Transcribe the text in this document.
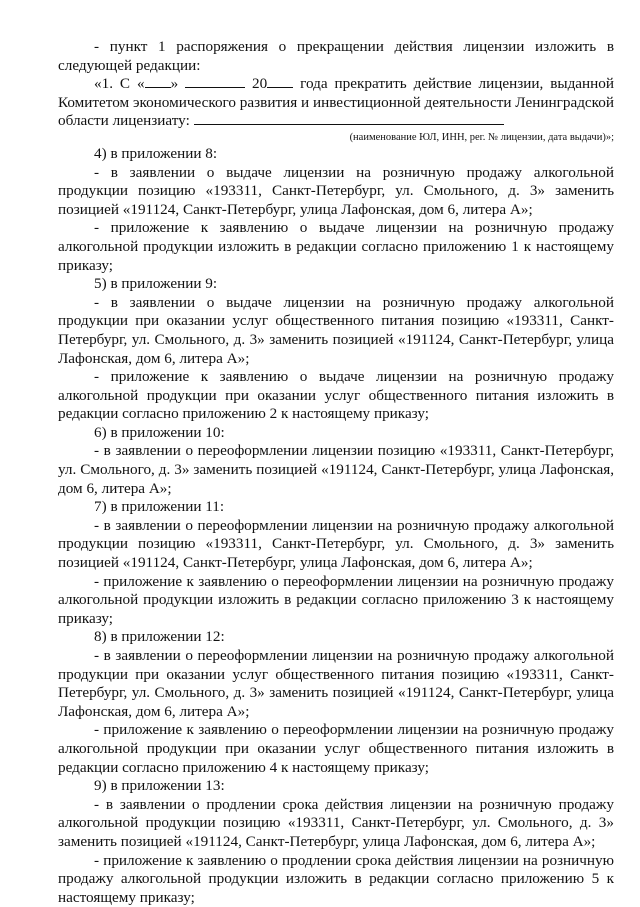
- пункт 1 распоряжения о прекращении действия лицензии изложить в следующей редакции:

«1. С « »	20 года прекратить действие лицензии, выданной Комитетом экономического развития и инвестиционной деятельности Ленинградской области лицензиату:

(наименование ЮЛ, ИНН, рег. № лицензии, дата выдачи)»;

4) в приложении 8:

- в заявлении о выдаче лицензии на розничную продажу алкогольной продукции позицию «193311, Санкт-Петербург, ул. Смольного, д. 3» заменить позицией «191124, Санкт-Петербург, улица Лафонская, дом 6, литера А»;

- приложение к заявлению о выдаче лицензии на розничную продажу алкогольной продукции изложить в редакции согласно приложению 1 к настоящему приказу;

5) в приложении 9:

- в заявлении о выдаче лицензии на розничную продажу алкогольной продукции при оказании услуг общественного питания позицию «193311, Санкт-Петербург, ул. Смольного, д. 3» заменить позицией «191124, Санкт-Петербург, улица Лафонская, дом 6, литера А»;

- приложение к заявлению о выдаче лицензии на розничную продажу алкогольной продукции при оказании услуг общественного питания изложить в редакции согласно приложению 2 к настоящему приказу;

6) в приложении 10:

- в заявлении о переоформлении лицензии позицию «193311, Санкт-Петербург, ул. Смольного, д. 3» заменить позицией «191124, Санкт-Петербург, улица Лафонская, дом 6, литера А»;

7) в приложении 11:

- в заявлении о переоформлении лицензии на розничную продажу алкогольной продукции позицию «193311, Санкт-Петербург, ул. Смольного, д. 3» заменить позицией «191124, Санкт-Петербург, улица Лафонская, дом 6, литера А»;

- приложение к заявлению о переоформлении лицензии на розничную продажу алкогольной продукции изложить в редакции согласно приложению 3 к настоящему приказу;

8) в приложении 12:

- в заявлении о переоформлении лицензии на розничную продажу алкогольной продукции при оказании услуг общественного питания позицию «193311, Санкт-Петербург, ул. Смольного, д. 3» заменить позицией «191124, Санкт-Петербург, улица Лафонская, дом 6, литера А»;

- приложение к заявлению о переоформлении лицензии на розничную продажу алкогольной продукции при оказании услуг общественного питания изложить в редакции согласно приложению 4 к настоящему приказу;

9) в приложении 13:

- в заявлении о продлении срока действия лицензии на розничную продажу алкогольной продукции позицию «193311, Санкт-Петербург, ул. Смольного, д. 3» заменить позицией «191124, Санкт-Петербург, улица Лафонская, дом 6, литера А»;

- приложение к заявлению о продлении срока действия лицензии на розничную продажу алкогольной продукции изложить в редакции согласно приложению 5 к настоящему приказу;
